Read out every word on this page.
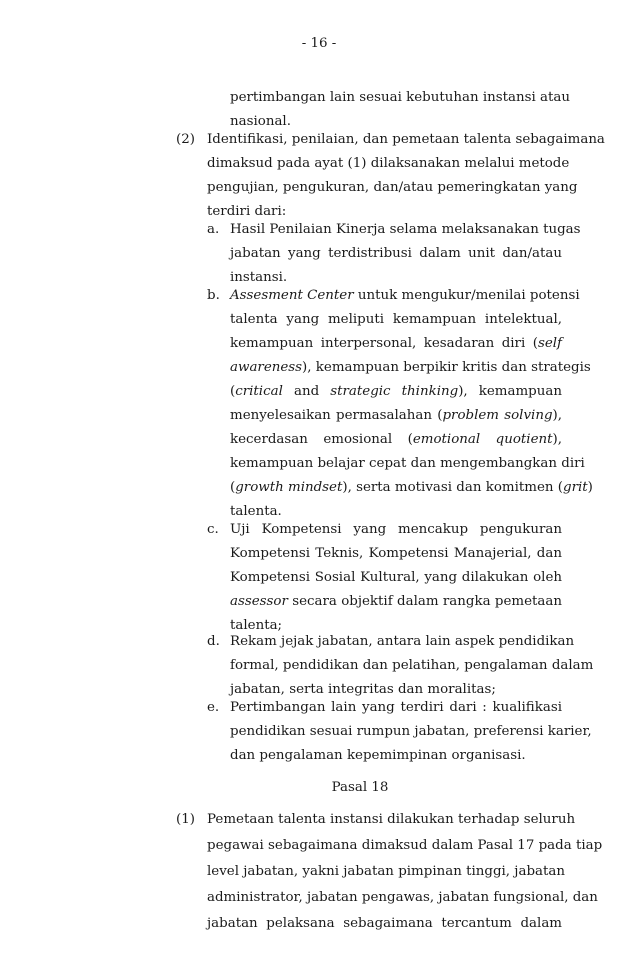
- 16 -
pertimbangan lain sesuai kebutuhan instansi atau
nasional.
(2) Identifikasi, penilaian, dan pemetaan talenta sebagaimana
dimaksud pada ayat (1) dilaksanakan melalui metode
pengujian, pengukuran, dan/atau pemeringkatan yang
terdiri dari:
a. Hasil Penilaian Kinerja selama melaksanakan tugas
jabatan yang terdistribusi dalam unit dan/atau
instansi.
b. Assesment Center untuk mengukur/menilai potensi
talenta yang meliputi kemampuan intelektual,
kemampuan interpersonal, kesadaran diri (self
awareness), kemampuan berpikir kritis dan strategis
(critical and strategic thinking), kemampuan
menyelesaikan permasalahan (problem solving),
kecerdasan emosional (emotional quotient),
kemampuan belajar cepat dan mengembangkan diri
(growth mindset), serta motivasi dan komitmen (grit)
talenta.
c. Uji Kompetensi yang mencakup pengukuran
Kompetensi Teknis, Kompetensi Manajerial, dan
Kompetensi Sosial Kultural, yang dilakukan oleh
assessor secara objektif dalam rangka pemetaan
talenta;
d. Rekam jejak jabatan, antara lain aspek pendidikan
formal, pendidikan dan pelatihan, pengalaman dalam
jabatan, serta integritas dan moralitas;
e. Pertimbangan lain yang terdiri dari : kualifikasi
pendidikan sesuai rumpun jabatan, preferensi karier,
dan pengalaman kepemimpinan organisasi.
Pasal 18
(1) Pemetaan talenta instansi dilakukan terhadap seluruh
pegawai sebagaimana dimaksud dalam Pasal 17 pada tiap
level jabatan, yakni jabatan pimpinan tinggi, jabatan
administrator, jabatan pengawas, jabatan fungsional, dan
jabatan pelaksana sebagaimana tercantum dalam
